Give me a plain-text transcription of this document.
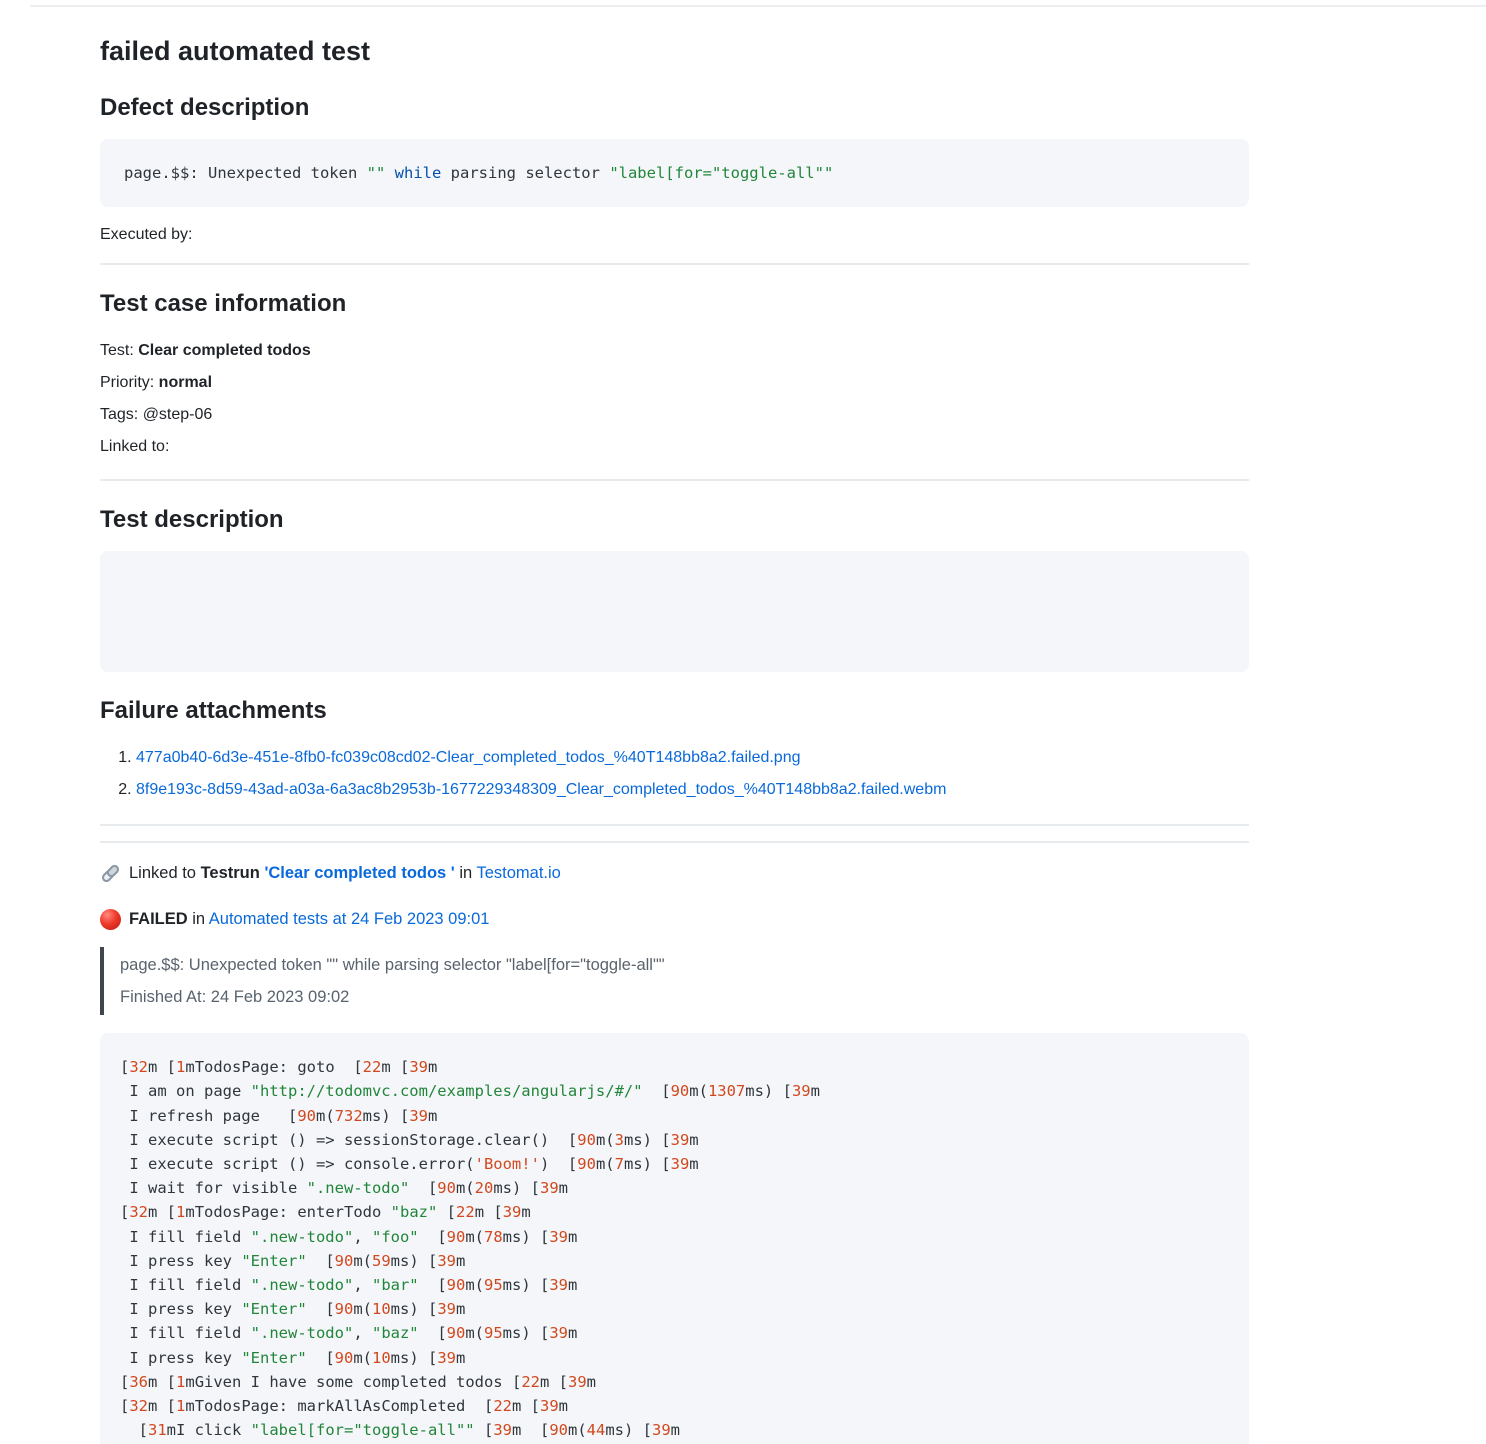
failed automated test
Defect description
page.$$: Unexpected token "" while parsing selector "label[for="toggle-all""

Executed by:

Test case information
Test: Clear completed todos
Priority: normal
Tags: @step-06
Linked to:
Test description
Failure attachments
1. 477a0b40-6d3e-451e-8fb0-fc039c08cd02-Clear_completed_todos_%40T148bb8a2.failed.png
2. 8f9e193c-8d59-43ad-a03a-6a3ac8b2953b-1677229348309_Clear_completed_todos_%40T148bb8a2.failed.webm

Linked to Testrun 'Clear completed todos ' in Testomat.io

FAILED in Automated tests at 24 Feb 2023 09:01

page.$$: Unexpected token "" while parsing selector "label[for="toggle-all""
Finished At: 24 Feb 2023 09:02
[32m [1mTodosPage: goto  [22m [39m
I am on page "http://todomvc.com/examples/angularjs/#/"  [90m(1307ms) [39m
I refresh page   [90m(732ms) [39m
I execute script () => sessionStorage.clear()  [90m(3ms) [39m
I execute script () => console.error('Boom!')  [90m(7ms) [39m
I wait for visible ".new-todo"  [90m(20ms) [39m
[32m [1mTodosPage: enterTodo "baz" [22m [39m
I fill field ".new-todo", "foo"  [90m(78ms) [39m
I press key "Enter"  [90m(59ms) [39m
I fill field ".new-todo", "bar"  [90m(95ms) [39m
I press key "Enter"  [90m(10ms) [39m
I fill field ".new-todo", "baz"  [90m(95ms) [39m
I press key "Enter"  [90m(10ms) [39m
[36m [1mGiven I have some completed todos [22m [39m
[32m [1mTodosPage: markAllAsCompleted  [22m [39m
[31mI click "label[for="toggle-all"" [39m  [90m(44ms) [39m
